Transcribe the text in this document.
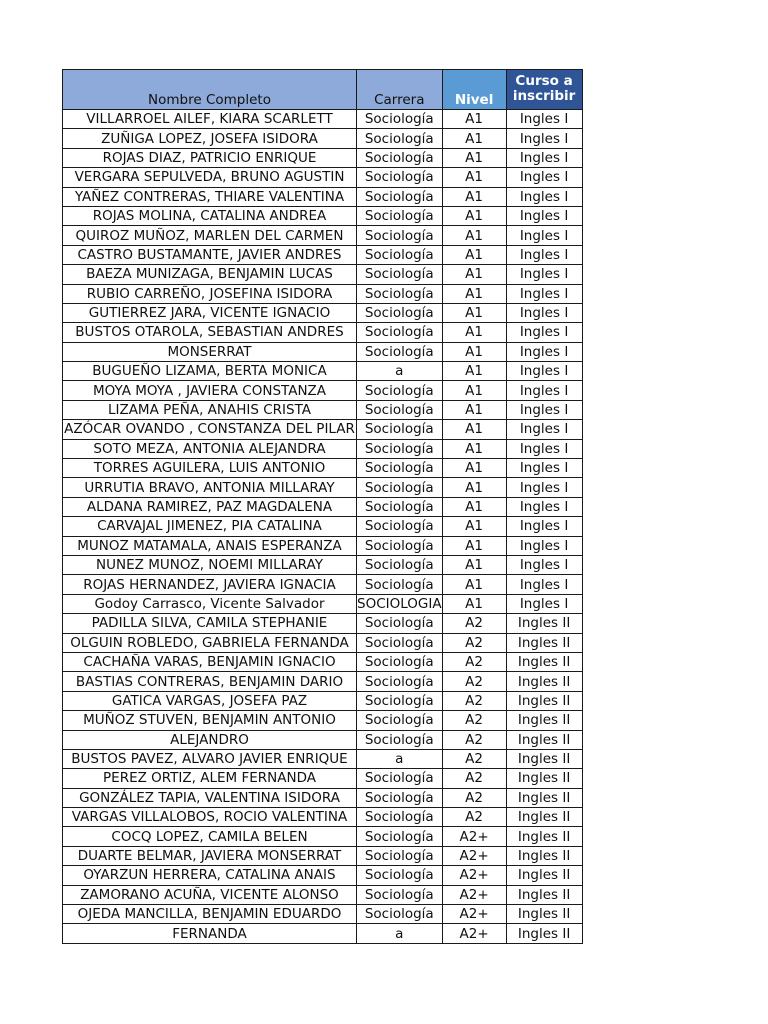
Nombre Completo	Carrera	Nivel	Curso a inscribir
VILLARROEL AILEF, KIARA SCARLETT	Sociología	A1	Ingles I
ZUÑIGA LOPEZ, JOSEFA ISIDORA	Sociología	A1	Ingles I
ROJAS DIAZ, PATRICIO ENRIQUE	Sociología	A1	Ingles I
VERGARA SEPULVEDA, BRUNO AGUSTIN	Sociología	A1	Ingles I
YAÑEZ CONTRERAS, THIARE VALENTINA	Sociología	A1	Ingles I
ROJAS MOLINA, CATALINA ANDREA	Sociología	A1	Ingles I
QUIROZ MUÑOZ, MARLEN DEL CARMEN	Sociología	A1	Ingles I
CASTRO BUSTAMANTE, JAVIER ANDRES	Sociología	A1	Ingles I
BAEZA MUNIZAGA, BENJAMIN LUCAS	Sociología	A1	Ingles I
RUBIO CARREÑO, JOSEFINA ISIDORA	Sociología	A1	Ingles I
GUTIERREZ JARA, VICENTE IGNACIO	Sociología	A1	Ingles I
BUSTOS OTAROLA, SEBASTIAN ANDRES	Sociología	A1	Ingles I
MONSERRAT	Sociología	A1	Ingles I
BUGUEÑO LIZAMA, BERTA MONICA	a	A1	Ingles I
MOYA MOYA , JAVIERA CONSTANZA	Sociología	A1	Ingles I
LIZAMA PEÑA, ANAHIS CRISTA	Sociología	A1	Ingles I
AZÓCAR OVANDO , CONSTANZA DEL PILAR	Sociología	A1	Ingles I
SOTO MEZA, ANTONIA ALEJANDRA	Sociología	A1	Ingles I
TORRES AGUILERA, LUIS ANTONIO	Sociología	A1	Ingles I
URRUTIA BRAVO, ANTONIA MILLARAY	Sociología	A1	Ingles I
ALDANA RAMIREZ, PAZ MAGDALENA	Sociología	A1	Ingles I
CARVAJAL JIMENEZ, PIA CATALINA	Sociología	A1	Ingles I
MUNOZ MATAMALA, ANAIS ESPERANZA	Sociología	A1	Ingles I
NUNEZ MUNOZ, NOEMI MILLARAY	Sociología	A1	Ingles I
ROJAS HERNANDEZ, JAVIERA IGNACIA	Sociología	A1	Ingles I
Godoy Carrasco, Vicente Salvador	SOCIOLOGIA	A1	Ingles I
PADILLA SILVA, CAMILA STEPHANIE	Sociología	A2	Ingles II
OLGUIN ROBLEDO, GABRIELA FERNANDA	Sociología	A2	Ingles II
CACHAÑA VARAS, BENJAMIN IGNACIO	Sociología	A2	Ingles II
BASTIAS CONTRERAS, BENJAMIN DARIO	Sociología	A2	Ingles II
GATICA VARGAS, JOSEFA PAZ	Sociología	A2	Ingles II
MUÑOZ STUVEN, BENJAMIN ANTONIO	Sociología	A2	Ingles II
ALEJANDRO	Sociología	A2	Ingles II
BUSTOS PAVEZ, ALVARO JAVIER ENRIQUE	a	A2	Ingles II
PEREZ ORTIZ, ALEM FERNANDA	Sociología	A2	Ingles II
GONZÁLEZ TAPIA, VALENTINA ISIDORA	Sociología	A2	Ingles II
VARGAS VILLALOBOS, ROCIO VALENTINA	Sociología	A2	Ingles II
COCQ LOPEZ, CAMILA BELEN	Sociología	A2+	Ingles II
DUARTE BELMAR, JAVIERA MONSERRAT	Sociología	A2+	Ingles II
OYARZUN HERRERA, CATALINA ANAIS	Sociología	A2+	Ingles II
ZAMORANO ACUÑA, VICENTE ALONSO	Sociología	A2+	Ingles II
OJEDA MANCILLA, BENJAMIN EDUARDO	Sociología	A2+	Ingles II
FERNANDA	a	A2+	Ingles II
